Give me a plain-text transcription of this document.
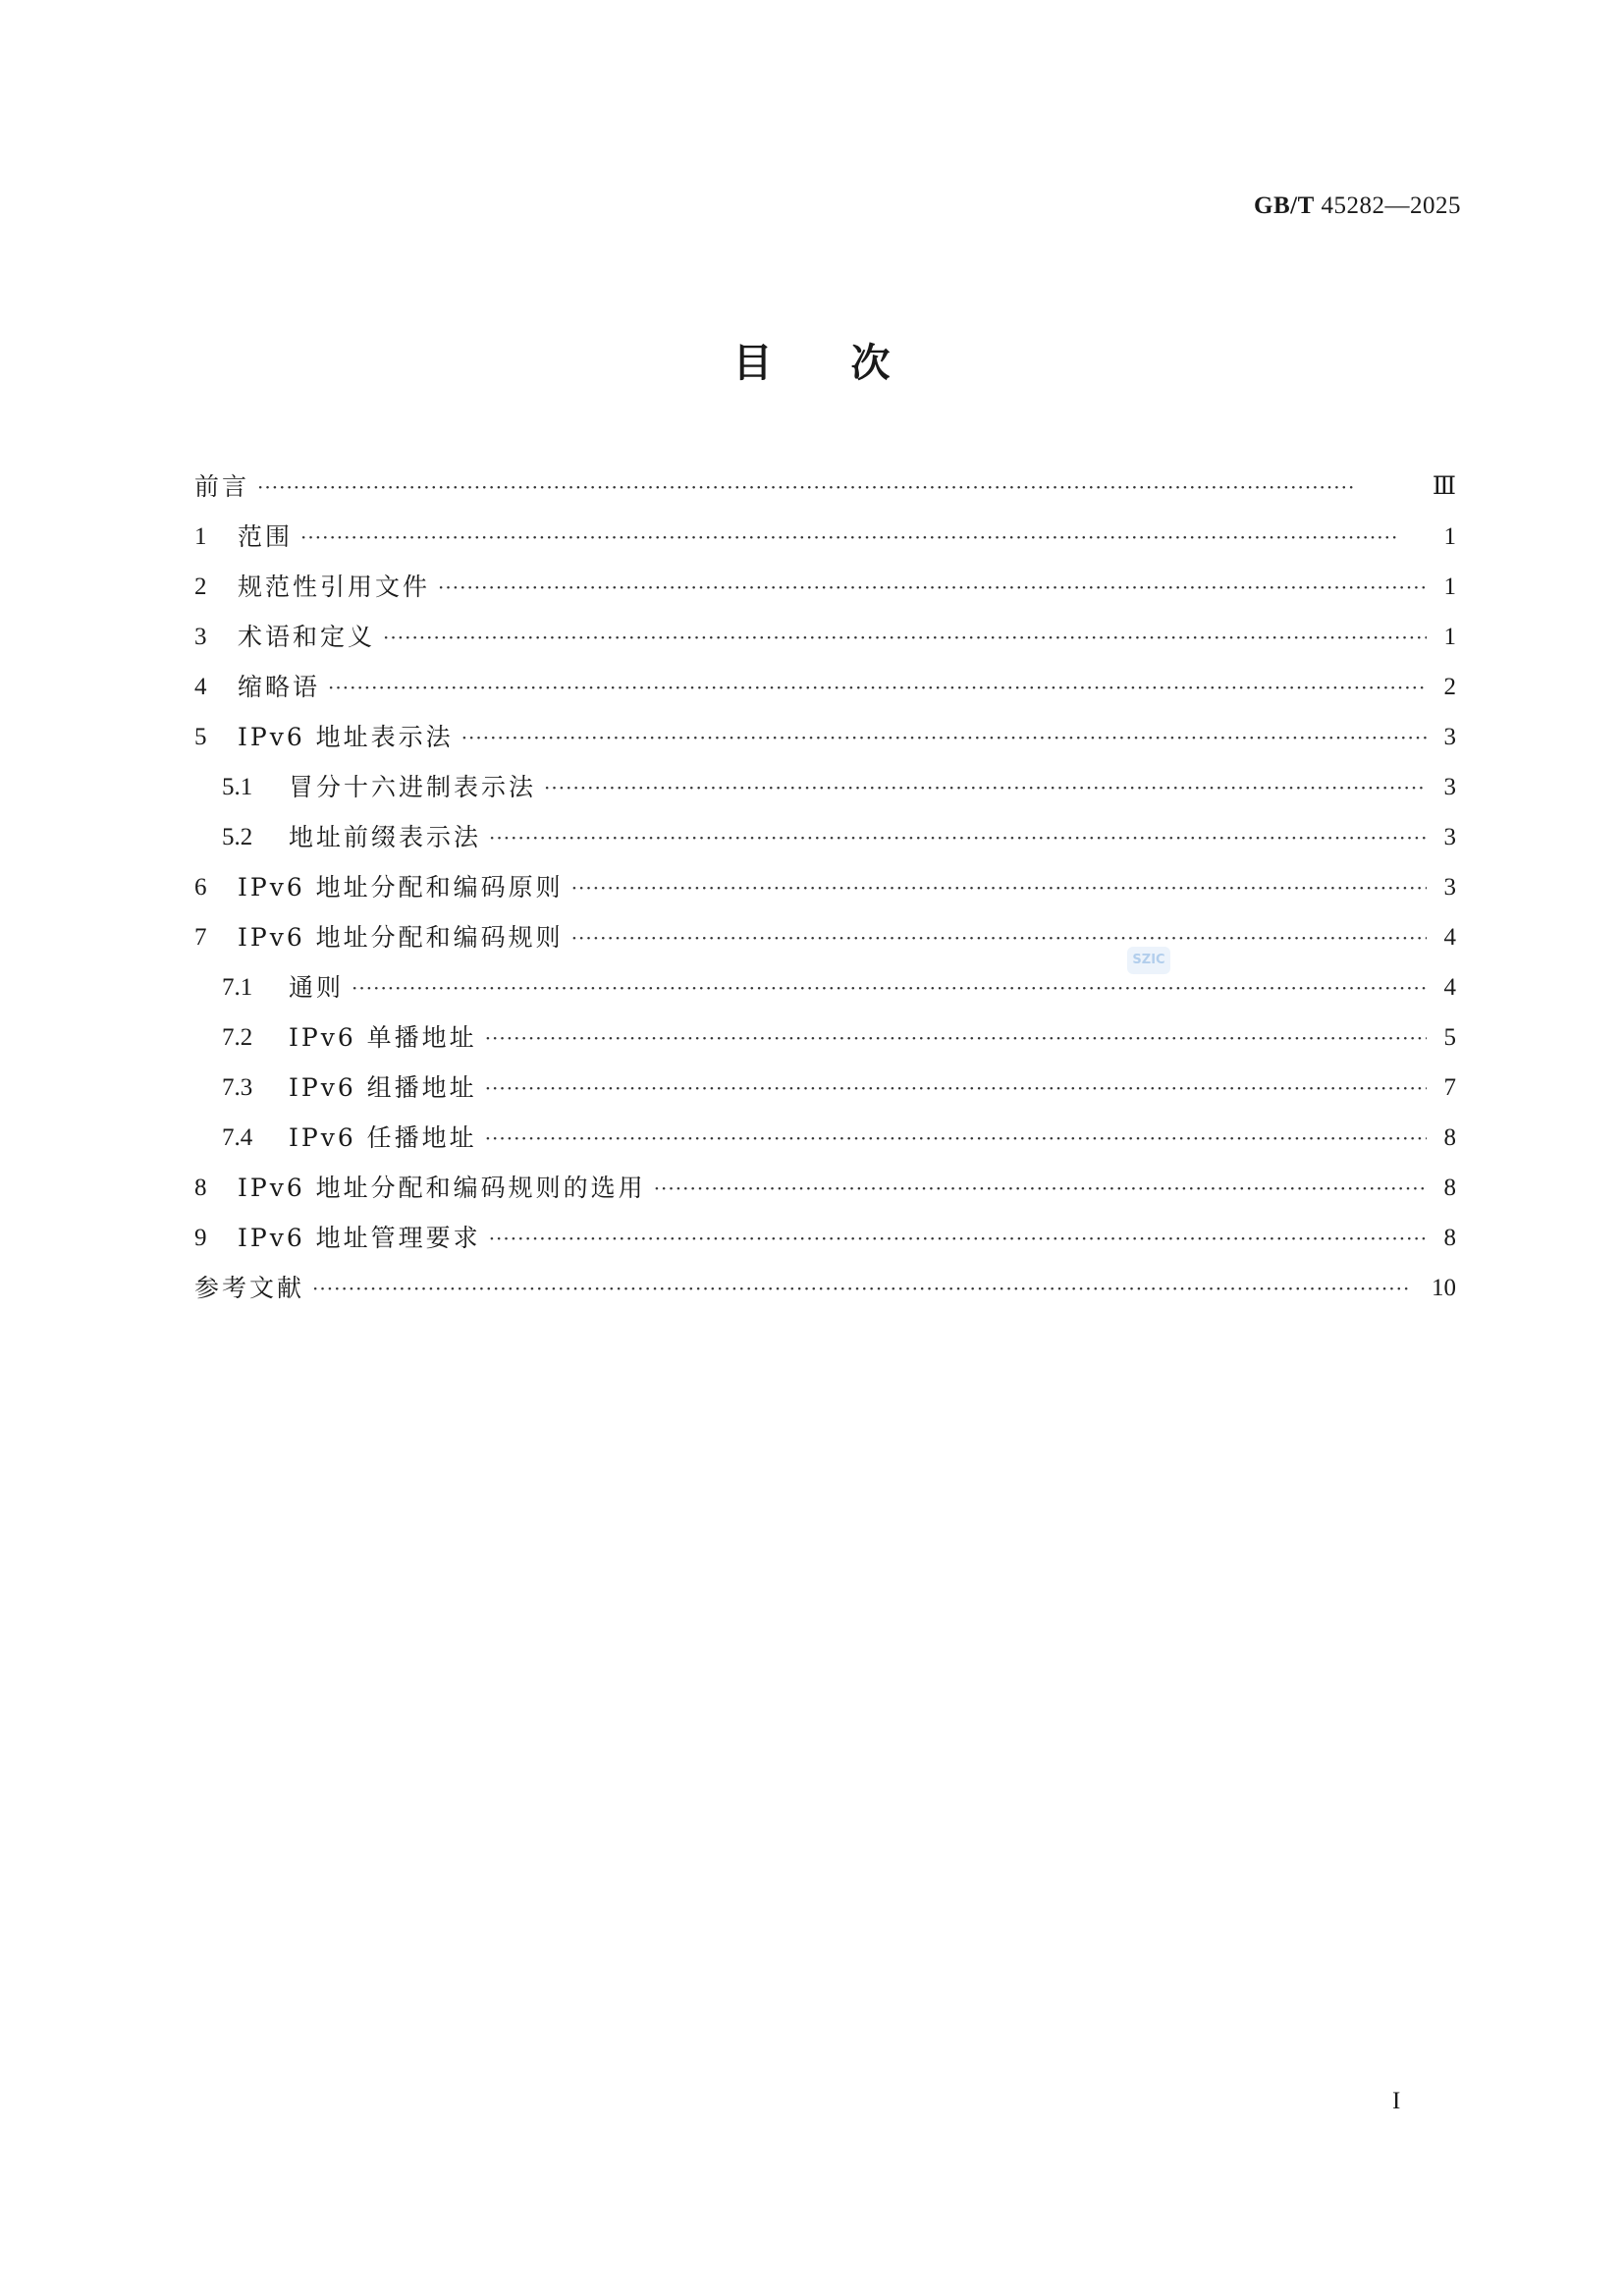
GB/T 45282—2025
目次
前言 ·····	Ⅲ
1	范围 ·····	1
2	规范性引用文件 ·····	1
3	术语和定义 ·····	1
4	缩略语 ·····	2
5	IPv6 地址表示法 ·····	3
5.1	冒分十六进制表示法 ·····	3
5.2	地址前缀表示法 ·····	3
6	IPv6 地址分配和编码原则 ·····	3
7	IPv6 地址分配和编码规则 ·····	4
7.1	通则 ·····	4
7.2	IPv6 单播地址 ·····	5
7.3	IPv6 组播地址 ·····	7
7.4	IPv6 任播地址 ·····	8
8	IPv6 地址分配和编码规则的选用 ·····	8
9	IPv6 地址管理要求 ·····	8
参考文献 ·····	10
SZIC
I
